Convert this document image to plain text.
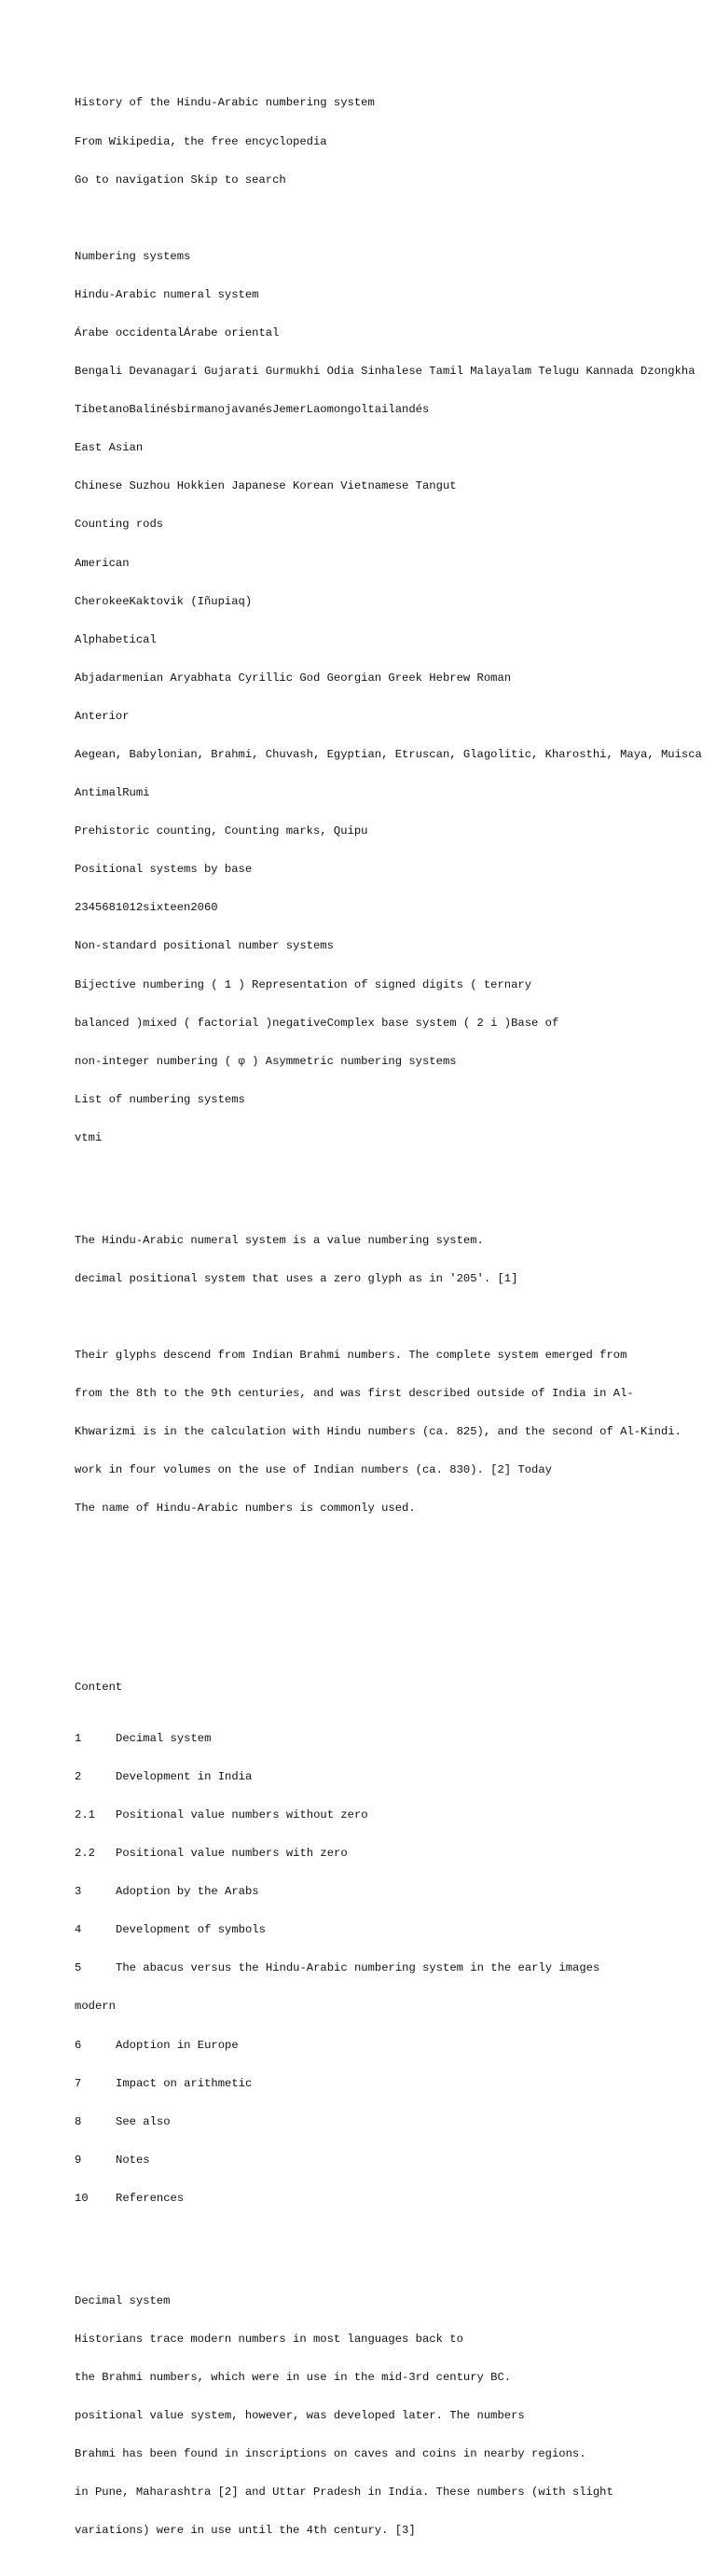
History of the Hindu-Arabic numbering system

From Wikipedia, the free encyclopedia

Go to navigation Skip to search

Numbering systems

Hindu-Arabic numeral system

Árabe occidentalÁrabe oriental

Bengali Devanagari Gujarati Gurmukhi Odia Sinhalese Tamil Malayalam Telugu Kannada Dzongkha

TibetanoBalinésbirmanojavanésJemerLaomongoltailandés

East Asian

Chinese Suzhou Hokkien Japanese Korean Vietnamese Tangut

Counting rods

American

CherokeeKaktovik (Iñupiaq)

Alphabetical

Abjadarmenian Aryabhata Cyrillic God Georgian Greek Hebrew Roman

Anterior

Aegean, Babylonian, Brahmi, Chuvash, Egyptian, Etruscan, Glagolitic, Kharosthi, Maya, Muisca

AntimalRumi

Prehistoric counting, Counting marks, Quipu

Positional systems by base

2345681012sixteen2060

Non-standard positional number systems

Bijective numbering ( 1 ) Representation of signed digits ( ternary

balanced )mixed ( factorial )negativeComplex base system ( 2 i )Base of

non-integer numbering ( φ ) Asymmetric numbering systems

List of numbering systems

vtmi

The Hindu-Arabic numeral system is a value numbering system.

decimal positional system that uses a zero glyph as in '205'. [1]

Their glyphs descend from Indian Brahmi numbers. The complete system emerged from

from the 8th to the 9th centuries, and was first described outside of India in Al-

Khwarizmi is in the calculation with Hindu numbers (ca. 825), and the second of Al-Kindi.

work in four volumes on the use of Indian numbers (ca. 830). [2] Today

The name of Hindu-Arabic numbers is commonly used.

Content

1	Decimal system

2	Development in India

2.1 Positional value numbers without zero

2.2 Positional value numbers with zero

3	Adoption by the Arabs

4	Development of symbols

5	The abacus versus the Hindu-Arabic numbering system in the early images

modern

6	Adoption in Europe

7	Impact on arithmetic

8	See also

9	Notes

10 References

Decimal system

Historians trace modern numbers in most languages back to

the Brahmi numbers, which were in use in the mid-3rd century BC.

positional value system, however, was developed later. The numbers

Brahmi has been found in inscriptions on caves and coins in nearby regions.

in Pune, Maharashtra [2] and Uttar Pradesh in India. These numbers (with slight

variations) were in use until the 4th century. [3]
